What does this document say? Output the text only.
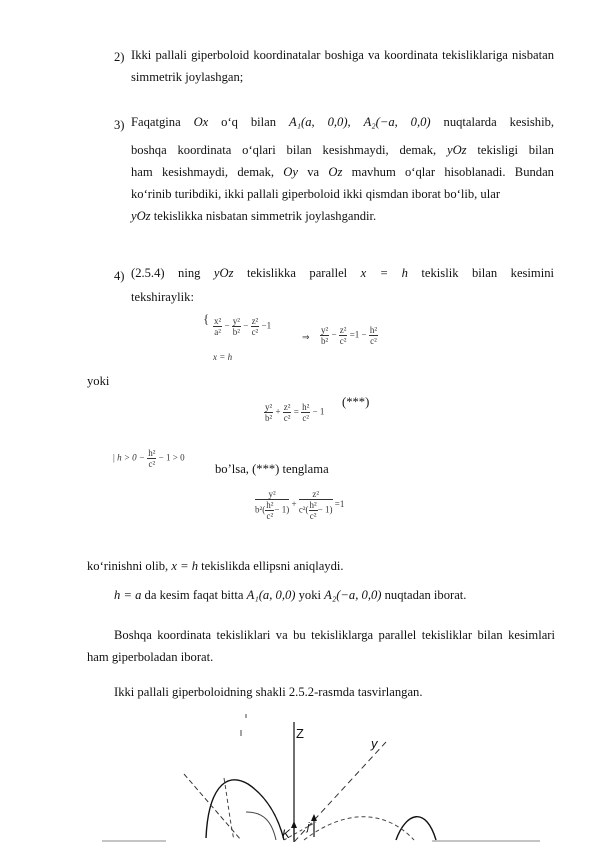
2) Ikki pallali giperboloid koordinatalar boshiga va koordinata tekisliklariga nisbatan simmetrik joylashgan;
3) Faqatgina Ox o‘q bilan A₁(a, 0,0), A₂(−a, 0,0) nuqtalarda kesishib,
boshqa koordinata o‘qlari bilan kesishmaydi, demak, yOz tekisligi bilan
ham kesishmaydi, demak, Oy va Oz mavhum o‘qlar hisoblanadi. Bundan
ko‘rinib turibdiki, ikki pallali giperboloid ikki qismdan iborat bo‘lib, ular
yOz tekislikka nisbatan simmetrik joylashgandir.
4) (2.5.4) ning yOz tekislikka parallel x = h tekislik bilan kesimini
tekshiraylik:
{ $\frac{\text{x²}}{\text{a²}} - \frac{\text{y²}}{\text{b²}} - \frac{\text{z²}}{\text{c²}} -1$
x = h
⇒ $\frac{\text{y²}}{\text{b²}} - \frac{\text{z²}}{\text{c²}} =1 - \frac{\text{h²}}{\text{c²}}$
yoki
$\frac{\text{y²}}{\text{b²}} + \frac{\text{z²}}{\text{c²}} = \frac{\text{h²}}{\text{c²}} - 1$
(***)
| $h > 0 - \frac{\text{h²}}{\text{c²}} - 1 > 0$
bo’lsa, (***) tenglama
$\frac{\text{y²}}{b^2( \frac{\text{h²}}{\text{c²}} - 1)} + \frac{\text{z²}}{c^2( \frac{\text{h²}}{\text{c²}} - 1)} =1$
ko‘rinishni olib, x = h tekislikda ellipsni aniqlaydi.
h = a da kesim faqat bitta A₁(a, 0,0) yoki A₂(−a, 0,0) nuqtadan iborat.
Boshqa koordinata tekisliklari va bu tekisliklarga parallel tekisliklar bilan kesimlari ham giperboladan iborat.
Ikki pallali giperboloidning shakli 2.5.2-rasmda tasvirlangan.
Z
y
K j
